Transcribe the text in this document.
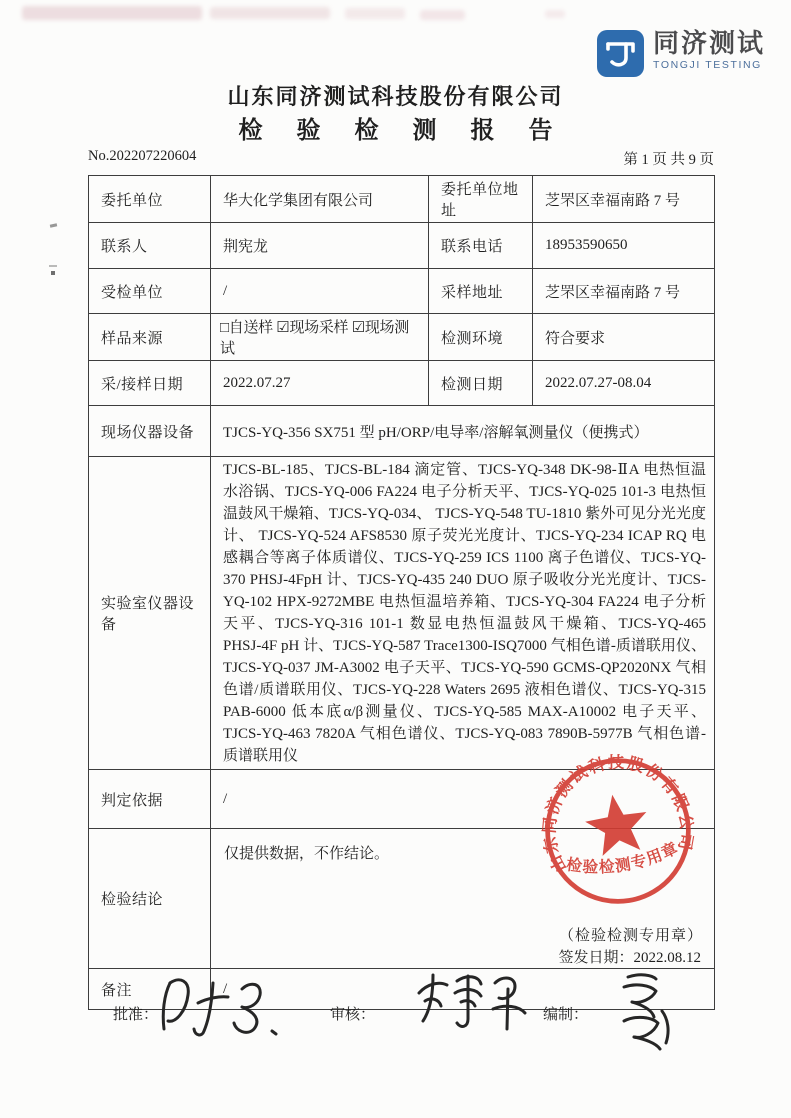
同济测试
TONGJI TESTING
山东同济测试科技股份有限公司
检 验 检 测 报 告
No.202207220604	第 1 页 共 9 页
委托单位	华大化学集团有限公司	委托单位地址	芝罘区幸福南路 7 号
联系人	荆宪龙	联系电话	18953590650
受检单位	/	采样地址	芝罘区幸福南路 7 号
样品来源	□自送样 ☑现场采样 ☑现场测试	检测环境	符合要求
采/接样日期	2022.07.27	检测日期	2022.07.27-08.04
现场仪器设备	TJCS-YQ-356 SX751 型 pH/ORP/电导率/溶解氧测量仪（便携式）		
实验室仪器设备	TJCS-BL-185、TJCS-BL-184 滴定管、TJCS-YQ-348 DK-98-ⅡA 电热恒温水浴锅、TJCS-YQ-006 FA224 电子分析天平、TJCS-YQ-025 101-3 电热恒温鼓风干燥箱、TJCS-YQ-034、 TJCS-YQ-548 TU-1810 紫外可见分光光度计、 TJCS-YQ-524 AFS8530 原子荧光光度计、TJCS-YQ-234 ICAP RQ 电感耦合等离子体质谱仪、TJCS-YQ-259 ICS 1100 离子色谱仪、TJCS-YQ-370 PHSJ-4FpH 计、TJCS-YQ-435 240 DUO 原子吸收分光光度计、TJCS-YQ-102 HPX-9272MBE 电热恒温培养箱、TJCS-YQ-304 FA224 电子分析天平、TJCS-YQ-316 101-1 数显电热恒温鼓风干燥箱、TJCS-YQ-465 PHSJ-4F pH 计、TJCS-YQ-587 Trace1300-ISQ7000 气相色谱-质谱联用仪、TJCS-YQ-037 JM-A3002 电子天平、TJCS-YQ-590 GCMS-QP2020NX 气相色谱/质谱联用仪、TJCS-YQ-228 Waters 2695 液相色谱仪、TJCS-YQ-315 PAB-6000 低本底α/β测量仪、TJCS-YQ-585 MAX-A10002 电子天平、TJCS-YQ-463 7820A 气相色谱仪、TJCS-YQ-083 7890B-5977B 气相色谱-质谱联用仪		
判定依据	/		
检验结论	仅提供数据，不作结论。
（检验检测专用章）
签发日期：2022.08.12		

备注	/		
山东同济测试科技股份有限公司
检验检测专用章
批准：	审核：	编制：
